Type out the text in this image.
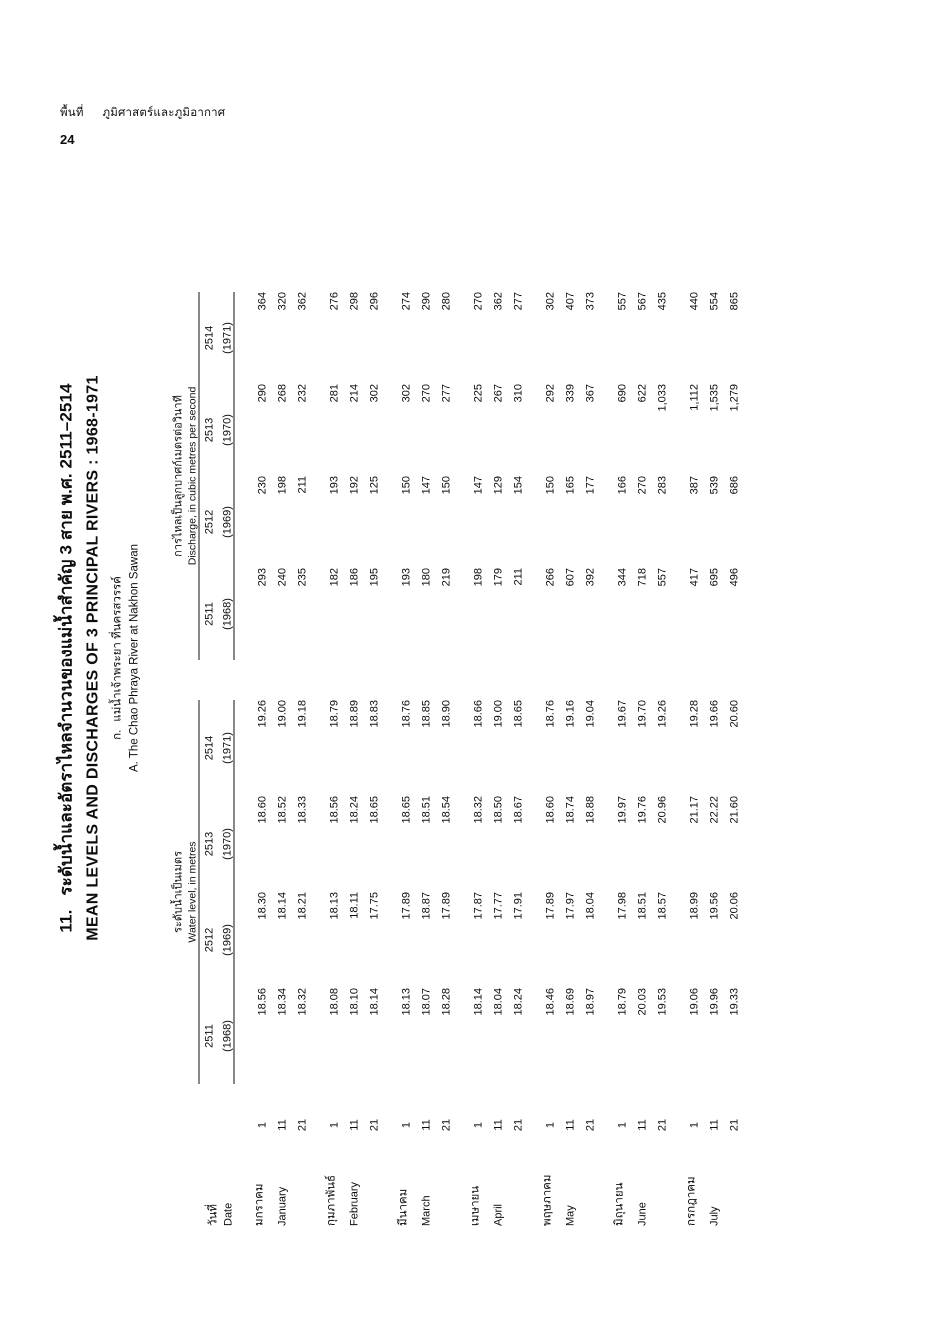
พื้นที่ ภูมิศาสตร์และภูมิอากาศ
24
11.ระดับน้ำและอัตราไหลจำนวนของแม่น้ำสำคัญ 3 สาย พ.ศ. 2511–2514 MEAN LEVELS AND DISCHARGES OF 3 PRINCIPAL RIVERS : 1968-1971 ก.แม่น้ำเจ้าพระยา ที่นครสวรรค์ A. The Chao Phraya River at Nakhon Sawan

			ระดับน้ำเป็นเมตร Water level, in metres					การไหลเป็นลูกบาศก์เมตรต่อวินาที Discharge, in cubic metres per second			

วันที่ Date			2511	2512	2513	2514		2511	2512	2513	2514
			(1968)	(1969)	(1970)	(1971)		(1968)	(1969)	(1970)	(1971)

มกราคม	1		18.56	18.30	18.60	19.26		293	230	290	364
January	11		18.34	18.14	18.52	19.00		240	198	268	320
	21		18.32	18.21	18.33	19.18		235	211	232	362

กุมภาพันธ์	1		18.08	18.13	18.56	18.79		182	193	281	276
February	11		18.10	18.11	18.24	18.89		186	192	214	298
	21		18.14	17.75	18.65	18.83		195	125	302	296

มีนาคม	1		18.13	17.89	18.65	18.76		193	150	302	274
March	11		18.07	18.87	18.51	18.85		180	147	270	290
	21		18.28	17.89	18.54	18.90		219	150	277	280

เมษายน	1		18.14	17.87	18.32	18.66		198	147	225	270
April	11		18.04	17.77	18.50	19.00		179	129	267	362
	21		18.24	17.91	18.67	18.65		211	154	310	277

พฤษภาคม	1		18.46	17.89	18.60	18.76		266	150	292	302
May	11		18.69	17.97	18.74	19.16		607	165	339	407
	21		18.97	18.04	18.88	19.04		392	177	367	373

มิถุนายน	1		18.79	17.98	19.97	19.67		344	166	690	557
June	11		20.03	18.51	19.76	19.70		718	270	622	567
	21		19.53	18.57	20.96	19.26		557	283	1,033	435

กรกฎาคม	1		19.06	18.99	21.17	19.28		417	387	1,112	440
July	11		19.96	19.56	22.22	19.66		695	539	1,535	554
	21		19.33	20.06	21.60	20.60		496	686	1,279	865
